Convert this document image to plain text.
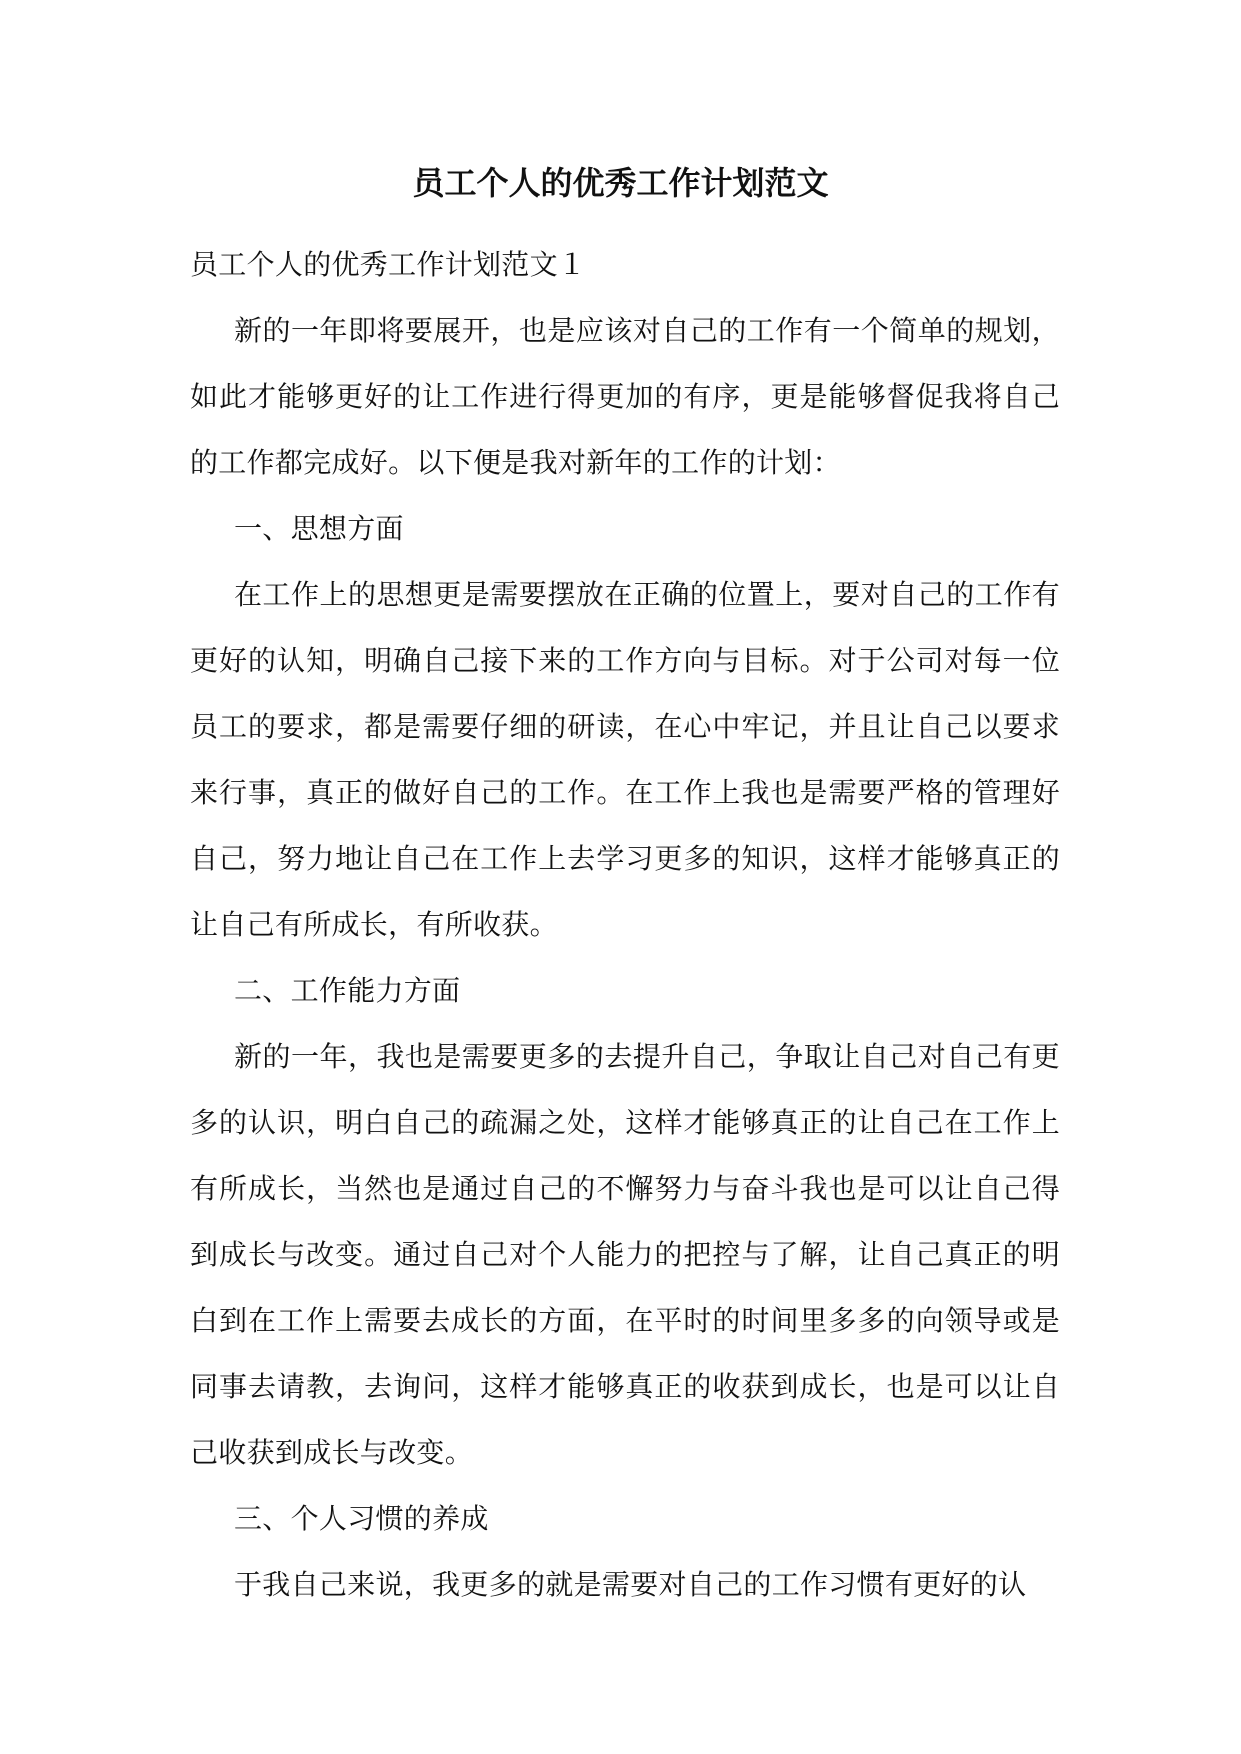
员工个人的优秀工作计划范文

员工个人的优秀工作计划范文１

新的一年即将要展开，也是应该对自己的工作有一个简单的规划，如此才能够更好的让工作进行得更加的有序，更是能够督促我将自己的工作都完成好。以下便是我对新年的工作的计划：

一、思想方面

在工作上的思想更是需要摆放在正确的位置上，要对自己的工作有更好的认知，明确自己接下来的工作方向与目标。对于公司对每一位员工的要求，都是需要仔细的研读，在心中牢记，并且让自己以要求来行事，真正的做好自己的工作。在工作上我也是需要严格的管理好自己，努力地让自己在工作上去学习更多的知识，这样才能够真正的让自己有所成长，有所收获。

二、工作能力方面

新的一年，我也是需要更多的去提升自己，争取让自己对自己有更多的认识，明白自己的疏漏之处，这样才能够真正的让自己在工作上有所成长，当然也是通过自己的不懈努力与奋斗我也是可以让自己得到成长与改变。通过自己对个人能力的把控与了解，让自己真正的明白到在工作上需要去成长的方面，在平时的时间里多多的向领导或是同事去请教，去询问，这样才能够真正的收获到成长，也是可以让自己收获到成长与改变。

三、个人习惯的养成

于我自己来说，我更多的就是需要对自己的工作习惯有更好的认
